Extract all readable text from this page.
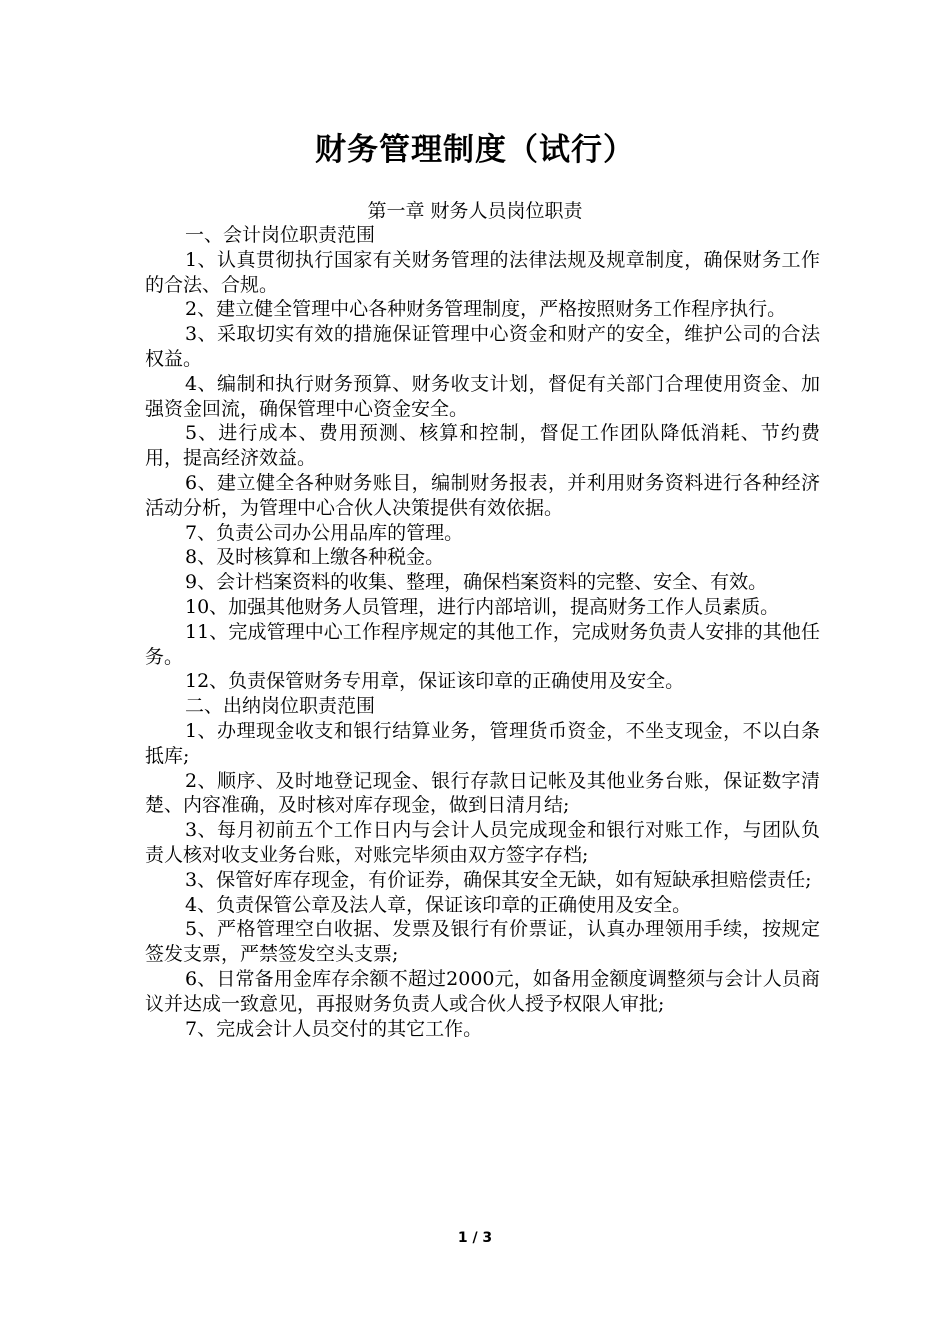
财务管理制度（试行）
第一章 财务人员岗位职责

一、会计岗位职责范围

1、认真贯彻执行国家有关财务管理的法律法规及规章制度，确保财务工作的合法、合规。

2、建立健全管理中心各种财务管理制度，严格按照财务工作程序执行。

3、采取切实有效的措施保证管理中心资金和财产的安全，维护公司的合法权益。

4、编制和执行财务预算、财务收支计划，督促有关部门合理使用资金、加强资金回流，确保管理中心资金安全。

5、进行成本、费用预测、核算和控制，督促工作团队降低消耗、节约费用，提高经济效益。

6、建立健全各种财务账目，编制财务报表，并利用财务资料进行各种经济活动分析，为管理中心合伙人决策提供有效依据。

7、负责公司办公用品库的管理。

8、及时核算和上缴各种税金。

9、会计档案资料的收集、整理，确保档案资料的完整、安全、有效。

10、加强其他财务人员管理，进行内部培训，提高财务工作人员素质。

11、完成管理中心工作程序规定的其他工作，完成财务负责人安排的其他任务。

12、负责保管财务专用章，保证该印章的正确使用及安全。

二、出纳岗位职责范围

1、办理现金收支和银行结算业务，管理货币资金，不坐支现金，不以白条抵库;

2、顺序、及时地登记现金、银行存款日记帐及其他业务台账，保证数字清楚、内容准确，及时核对库存现金，做到日清月结;

3、每月初前五个工作日内与会计人员完成现金和银行对账工作，与团队负责人核对收支业务台账，对账完毕须由双方签字存档;

3、保管好库存现金，有价证券，确保其安全无缺，如有短缺承担赔偿责任;

4、负责保管公章及法人章，保证该印章的正确使用及安全。

5、严格管理空白收据、发票及银行有价票证，认真办理领用手续，按规定签发支票，严禁签发空头支票;

6、日常备用金库存余额不超过2000元，如备用金额度调整须与会计人员商议并达成一致意见，再报财务负责人或合伙人授予权限人审批;

7、完成会计人员交付的其它工作。

1 / 3
